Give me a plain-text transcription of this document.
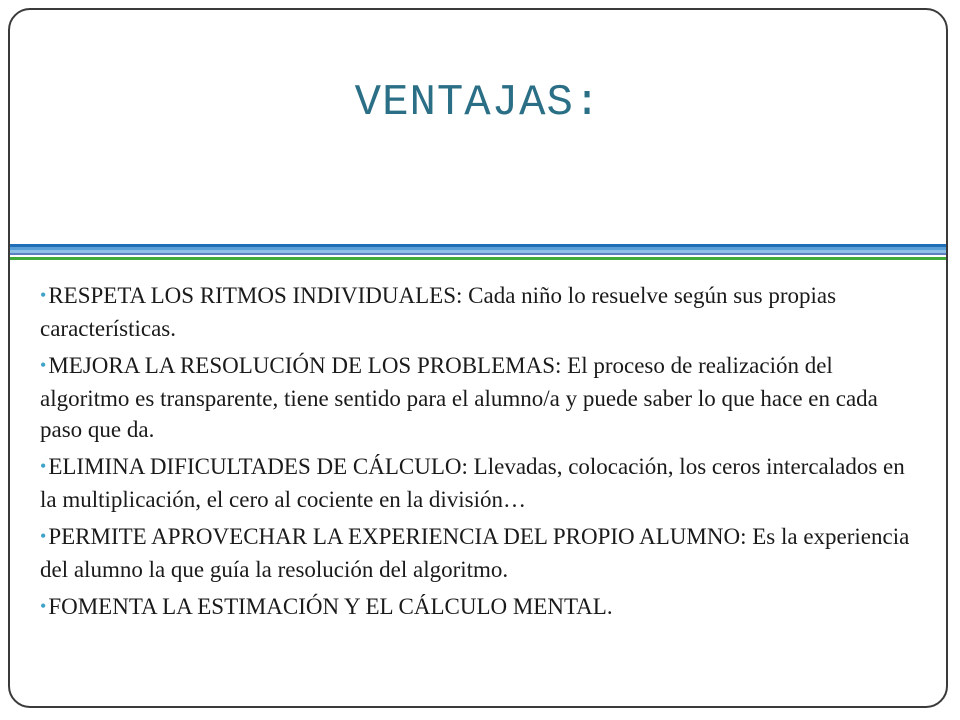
VENTAJAS:

•RESPETA LOS RITMOS INDIVIDUALES: Cada niño lo resuelve según sus propias características.

•MEJORA LA RESOLUCIÓN DE LOS PROBLEMAS: El proceso de realización del algoritmo es transparente, tiene sentido para el alumno/a y puede saber lo que hace en cada paso que da.

•ELIMINA DIFICULTADES DE CÁLCULO: Llevadas, colocación, los ceros intercalados en la multiplicación, el cero al cociente en la división…

•PERMITE APROVECHAR LA EXPERIENCIA DEL PROPIO ALUMNO: Es la experiencia del alumno la que guía la resolución del algoritmo.

•FOMENTA LA ESTIMACIÓN Y EL CÁLCULO MENTAL.
